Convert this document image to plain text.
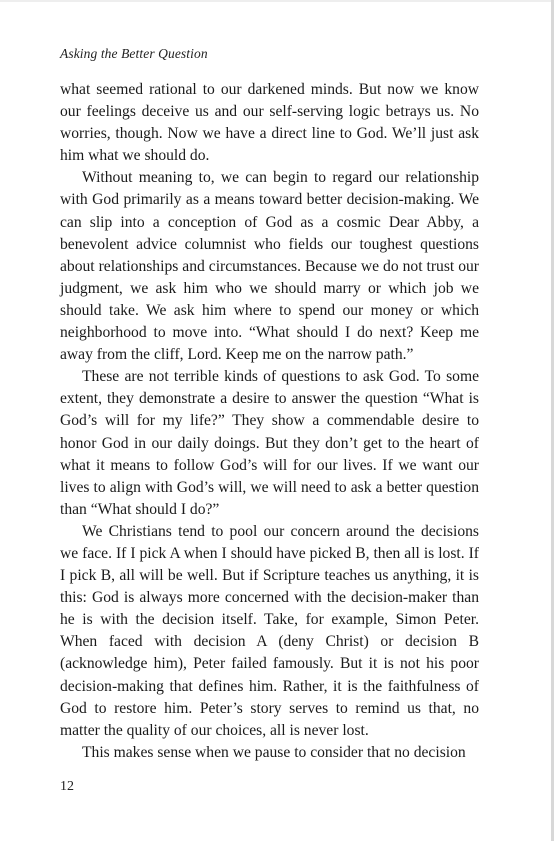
Asking the Better Question

what seemed rational to our darkened minds. But now we know our feelings deceive us and our self-serving logic betrays us. No worries, though. Now we have a direct line to God. We’ll just ask him what we should do.

Without meaning to, we can begin to regard our relationship with God primarily as a means toward better decision-making. We can slip into a conception of God as a cosmic Dear Abby, a benevolent advice columnist who fields our toughest questions about relationships and circumstances. Because we do not trust our judgment, we ask him who we should marry or which job we should take. We ask him where to spend our money or which neighborhood to move into. “What should I do next? Keep me away from the cliff, Lord. Keep me on the narrow path.”

These are not terrible kinds of questions to ask God. To some extent, they demonstrate a desire to answer the question “What is God’s will for my life?” They show a commendable desire to honor God in our daily doings. But they don’t get to the heart of what it means to follow God’s will for our lives. If we want our lives to align with God’s will, we will need to ask a better question than “What should I do?”

We Christians tend to pool our concern around the decisions we face. If I pick A when I should have picked B, then all is lost. If I pick B, all will be well. But if Scripture teaches us anything, it is this: God is always more concerned with the decision-maker than he is with the decision itself. Take, for example, Simon Peter. When faced with decision A (deny Christ) or decision B (acknowledge him), Peter failed famously. But it is not his poor decision-making that defines him. Rather, it is the faithfulness of God to restore him. Peter’s story serves to remind us that, no matter the quality of our choices, all is never lost.

This makes sense when we pause to consider that no decision

12
